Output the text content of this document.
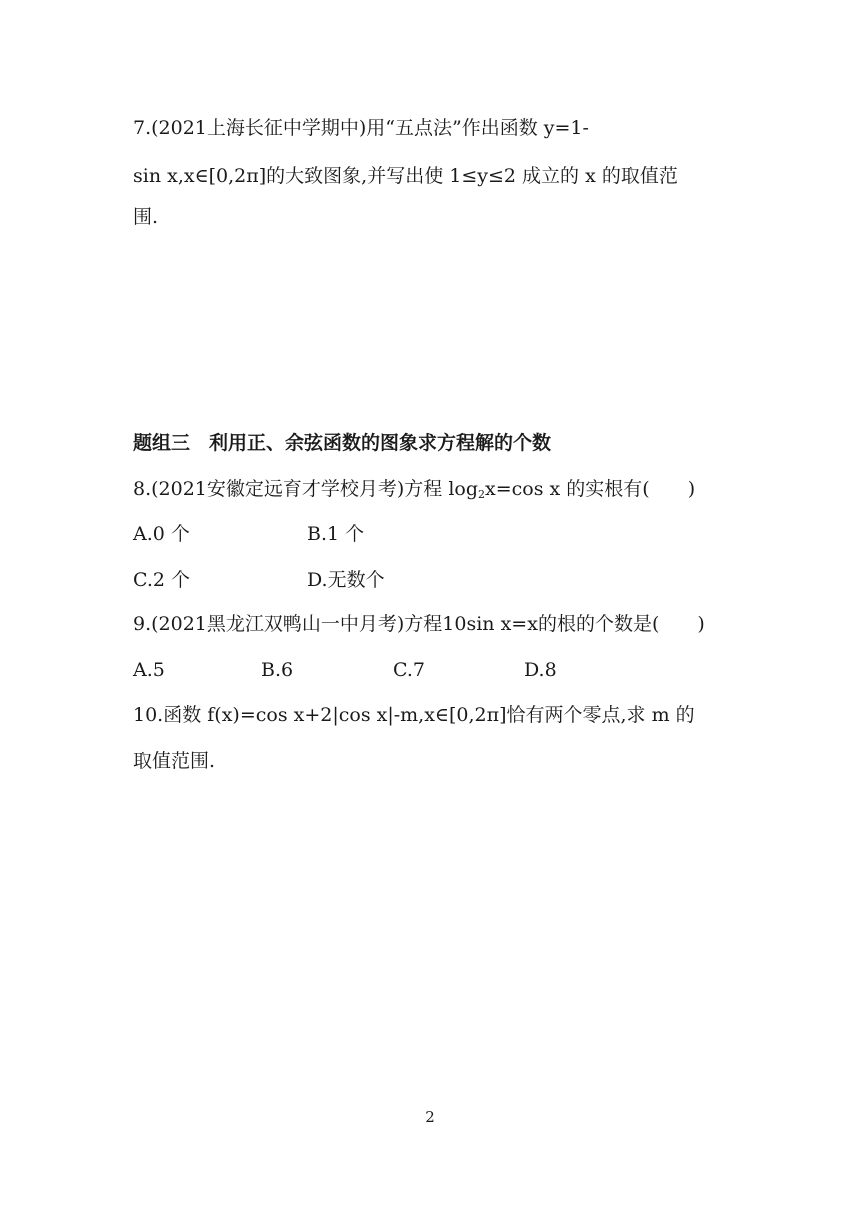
7.(2021上海长征中学期中)用“五点法”作出函数 y=1-
sin x,x∈[0,2π]的大致图象,并写出使 1≤y≤2 成立的 x 的取值范
围.
题组三　利用正、余弦函数的图象求方程解的个数
8.(2021安徽定远育才学校月考)方程 $\log_2x=\cos$ x 的实根有(　　)
A.0 个	B.1 个
C.2 个	D.无数个
9.(2021黑龙江双鸭山一中月考)方程10sin x=x的根的个数是(　　)
A.5	B.6	C.7	D.8
10.函数 f(x)=cos x+2|cos x|-m,x∈[0,2π]恰有两个零点,求 m 的
取值范围.
2
